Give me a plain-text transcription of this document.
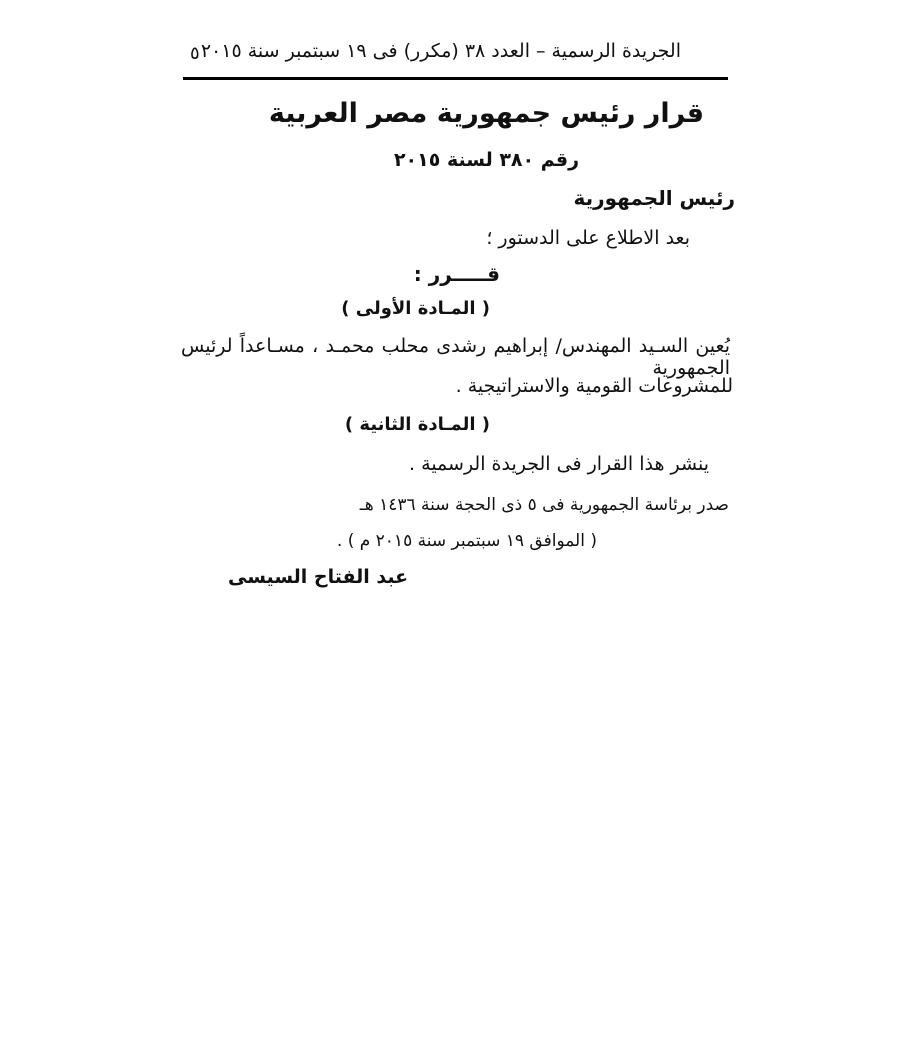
الجريدة الرسمية – العدد ٣٨ (مكرر) فى ١٩ سبتمبر سنة ٢٠١٥
٥
قرار رئيس جمهورية مصر العربية
رقم ٣٨٠ لسنة ٢٠١٥
رئيس الجمهورية
بعد الاطلاع على الدستور ؛
قـــــرر :
( المـادة الأولى )
يُعين السـيد المهندس/ إبراهيم رشدى محلب محمـد ، مسـاعداً لرئيس الجمهورية
للمشروعات القومية والاستراتيجية .
( المـادة الثانية )
ينشر هذا القرار فى الجريدة الرسمية .
صدر برئاسة الجمهورية فى ٥ ذى الحجة سنة ١٤٣٦ هـ
( الموافق ١٩ سبتمبر سنة ٢٠١٥ م ) .
عبد الفتاح السيسى
